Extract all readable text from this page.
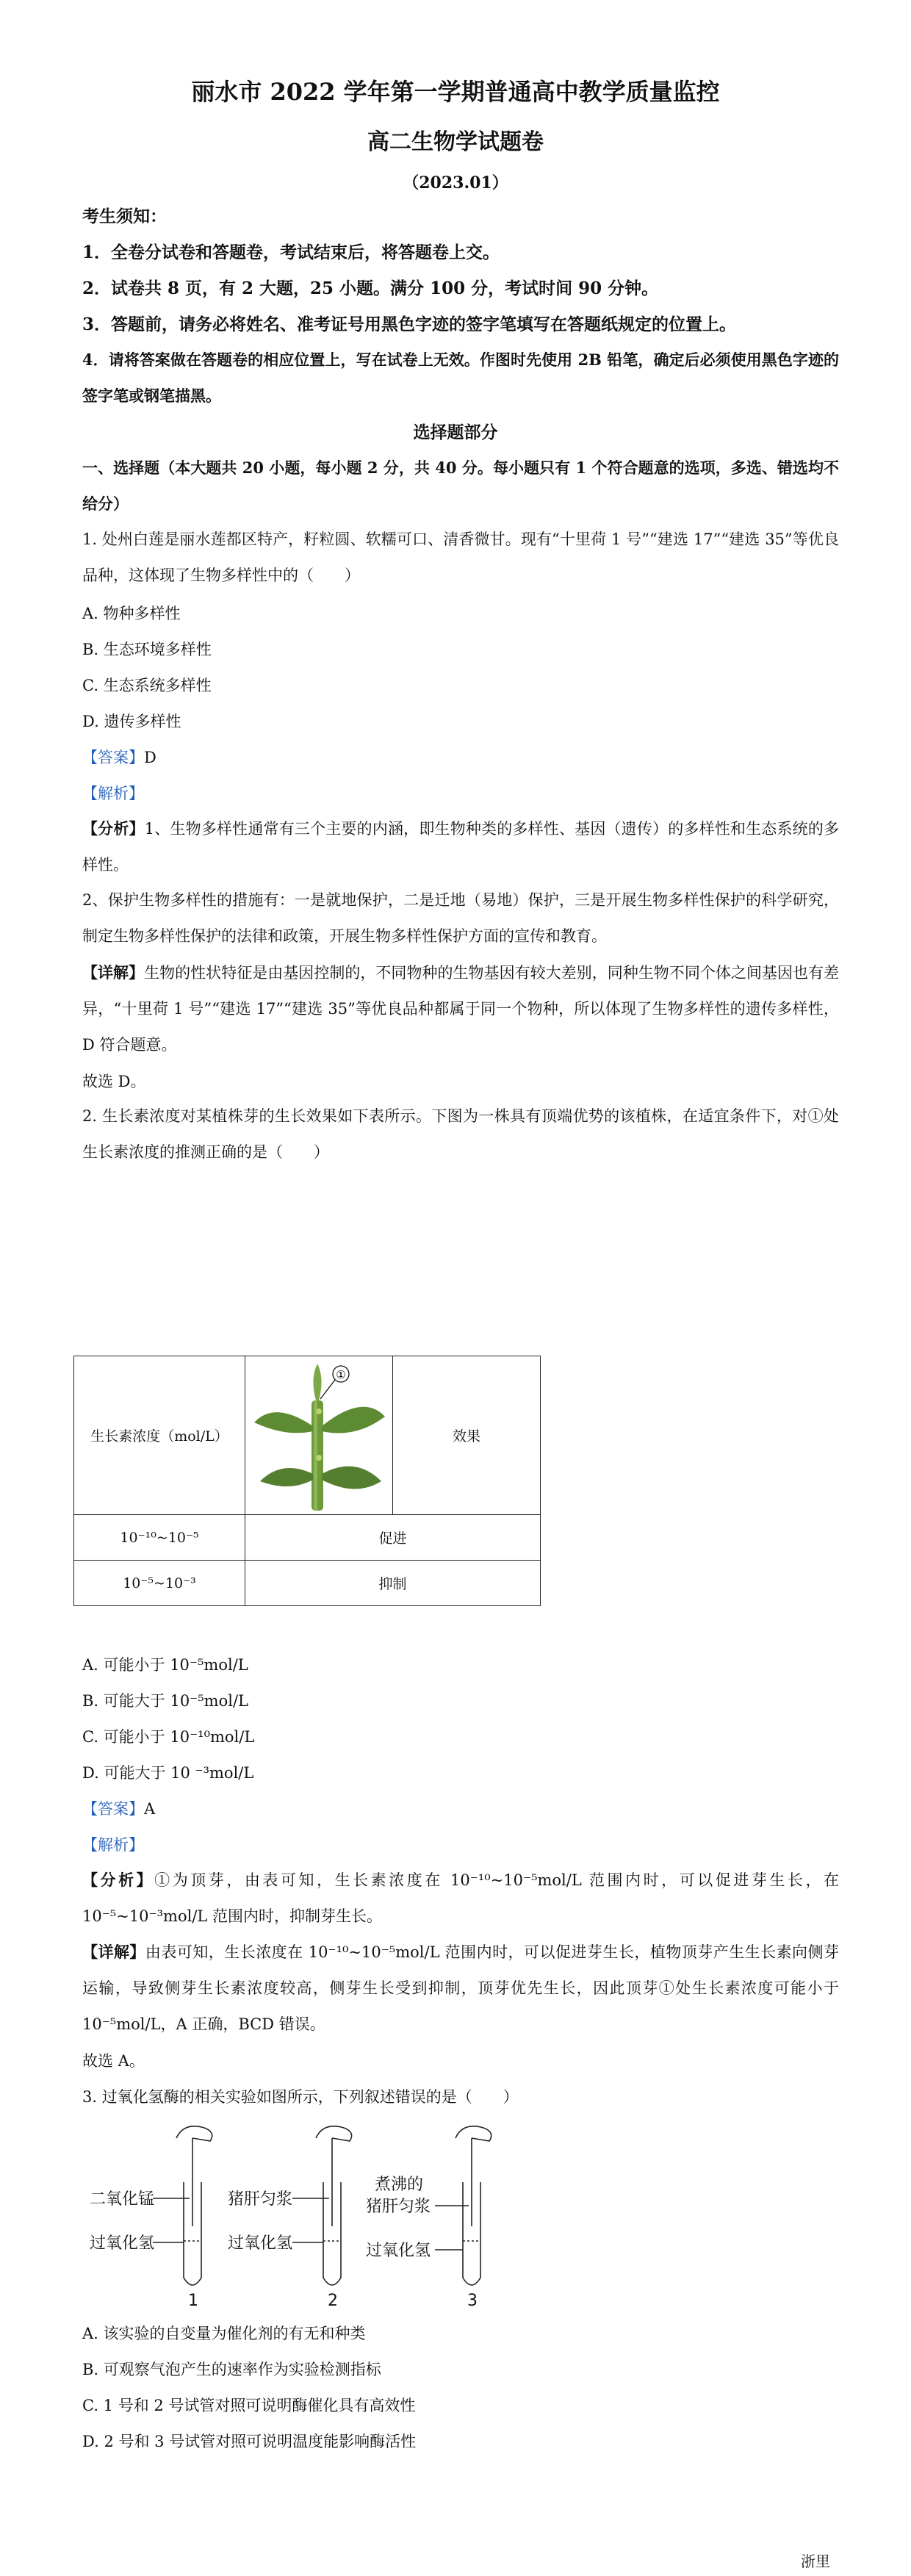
丽水市 2022 学年第一学期普通高中教学质量监控
高二生物学试题卷
（2023.01）
考生须知：
1．全卷分试卷和答题卷，考试结束后，将答题卷上交。
2．试卷共 8 页，有 2 大题，25 小题。满分 100 分，考试时间 90 分钟。
3．答题前，请务必将姓名、准考证号用黑色字迹的签字笔填写在答题纸规定的位置上。
4．请将答案做在答题卷的相应位置上，写在试卷上无效。作图时先使用 2B 铅笔，确定后必须使用黑色字迹的签字笔或钢笔描黑。
选择题部分
一、选择题（本大题共 20 小题，每小题 2 分，共 40 分。每小题只有 1 个符合题意的选项，多选、错选均不给分）
1. 处州白莲是丽水莲都区特产，籽粒圆、软糯可口、清香微甘。现有“十里荷 1 号”“建选 17”“建选 35”等优良品种，这体现了生物多样性中的（　　）
A. 物种多样性
B. 生态环境多样性
C. 生态系统多样性
D. 遗传多样性
【答案】D
【解析】
【分析】1、生物多样性通常有三个主要的内涵，即生物种类的多样性、基因（遗传）的多样性和生态系统的多样性。
2、保护生物多样性的措施有：一是就地保护，二是迁地（易地）保护，三是开展生物多样性保护的科学研究，制定生物多样性保护的法律和政策，开展生物多样性保护方面的宣传和教育。
【详解】生物的性状特征是由基因控制的，不同物种的生物基因有较大差别，同种生物不同个体之间基因也有差异，“十里荷 1 号”“建选 17”“建选 35”等优良品种都属于同一个物种，所以体现了生物多样性的遗传多样性，D 符合题意。
故选 D。
2. 生长素浓度对某植株芽的生长效果如下表所示。下图为一株具有顶端优势的该植株，在适宜条件下，对①处生长素浓度的推测正确的是（　　）
生长素浓度（mol/L）	①	效果
10⁻¹⁰~10⁻⁵	促进	
10⁻⁵~10⁻³	抑制	
A. 可能小于 10⁻⁵mol/L
B. 可能大于 10⁻⁵mol/L
C. 可能小于 10⁻¹⁰mol/L
D. 可能大于 10 ⁻³mol/L
【答案】A
【解析】
【分析】①为顶芽，由表可知，生长素浓度在 10⁻¹⁰~10⁻⁵mol/L 范围内时，可以促进芽生长，在 10⁻⁵~10⁻³mol/L 范围内时，抑制芽生长。
【详解】由表可知，生长浓度在 10⁻¹⁰~10⁻⁵mol/L 范围内时，可以促进芽生长，植物顶芽产生生长素向侧芽运输，导致侧芽生长素浓度较高，侧芽生长受到抑制，顶芽优先生长，因此顶芽①处生长素浓度可能小于 10⁻⁵mol/L，A 正确，BCD 错误。
故选 A。
3. 过氧化氢酶的相关实验如图所示，下列叙述错误的是（　　）
二氧化锰
过氧化氢
猪肝匀浆
过氧化氢
煮沸的
猪肝匀浆
过氧化氢
1	2	3
A. 该实验的自变量为催化剂的有无和种类
B. 可观察气泡产生的速率作为实验检测指标
C. 1 号和 2 号试管对照可说明酶催化具有高效性
D. 2 号和 3 号试管对照可说明温度能影响酶活性
浙里
